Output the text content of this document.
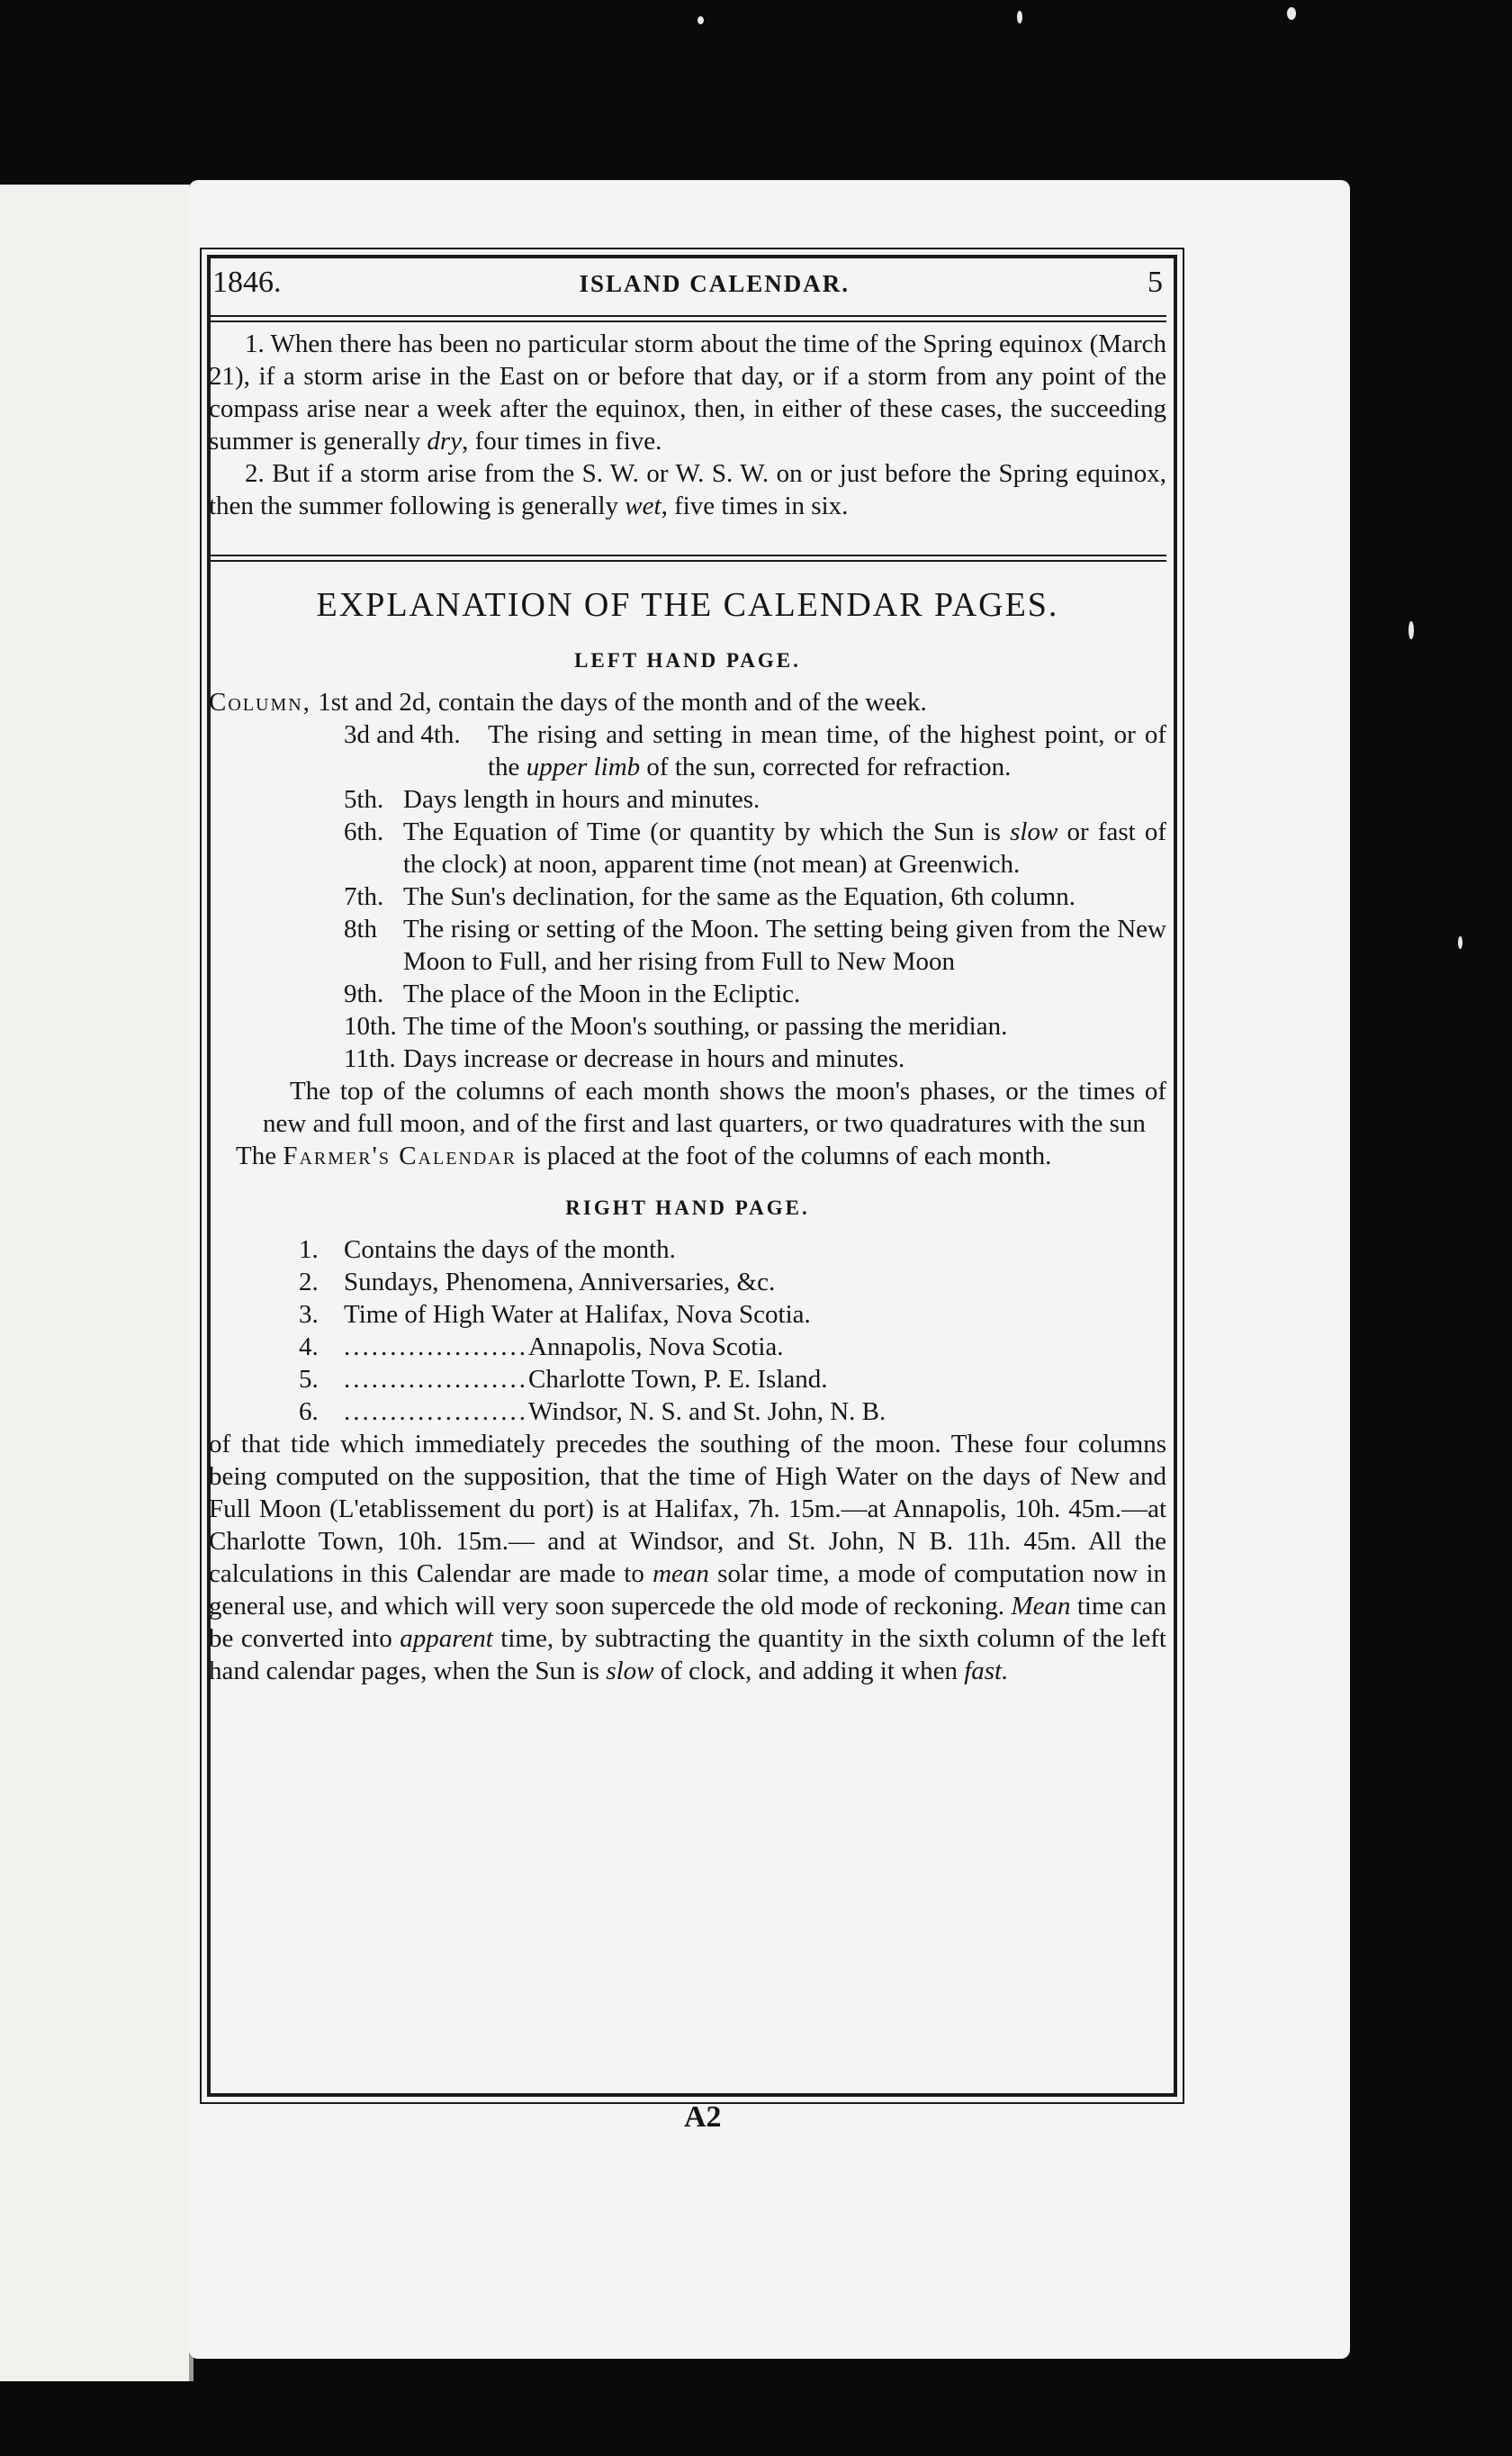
1846.	ISLAND CALENDAR.	5

1. When there has been no particular storm about the time of the Spring equinox (March 21), if a storm arise in the East on or before that day, or if a storm from any point of the compass arise near a week after the equinox, then, in either of these cases, the succeeding summer is generally dry, four times in five.

2. But if a storm arise from the S. W. or W. S. W. on or just before the Spring equinox, then the summer following is generally wet, five times in six.

EXPLANATION OF THE CALENDAR PAGES.
LEFT HAND PAGE.
Column,
1st and 2d, contain the days of the month and of the week.
3d and 4th.	The rising and setting in mean time, of the highest point, or of the upper limb of the sun, corrected for refraction.
5th. Days length in hours and minutes.
6th. The Equation of Time (or quantity by which the Sun is slow or fast of the clock) at noon, apparent time (not mean) at Greenwich.
7th. The Sun's declination, for the same as the Equation, 6th column.
8th The rising or setting of the Moon. The setting being given from the New Moon to Full, and her rising from Full to New Moon
9th. The place of the Moon in the Ecliptic.
10th. The time of the Moon's southing, or passing the meridian.
11th. Days increase or decrease in hours and minutes.

The top of the columns of each month shows the moon's phases, or the times of new and full moon, and of the first and last quarters, or two quadratures with the sun

The Farmer's Calendar is placed at the foot of the columns of each month.

RIGHT HAND PAGE.
1. Contains the days of the month.
2. Sundays, Phenomena, Anniversaries, &c.
3. Time of High Water at Halifax, Nova Scotia.
4. .................... Annapolis, Nova Scotia.
5. .................... Charlotte Town, P. E. Island.
6. .................... Windsor, N. S. and St. John, N. B.

of that tide which immediately precedes the southing of the moon. These four columns being computed on the supposition, that the time of High Water on the days of New and Full Moon (L'etablissement du port) is at Halifax, 7h. 15m.—at Annapolis, 10h. 45m.—at Charlotte Town, 10h. 15m.— and at Windsor, and St. John, N B. 11h. 45m. All the calculations in this Calendar are made to mean solar time, a mode of computation now in general use, and which will very soon supercede the old mode of reckoning. Mean time can be converted into apparent time, by subtracting the quantity in the sixth column of the left hand calendar pages, when the Sun is slow of clock, and adding it when fast.

A2
